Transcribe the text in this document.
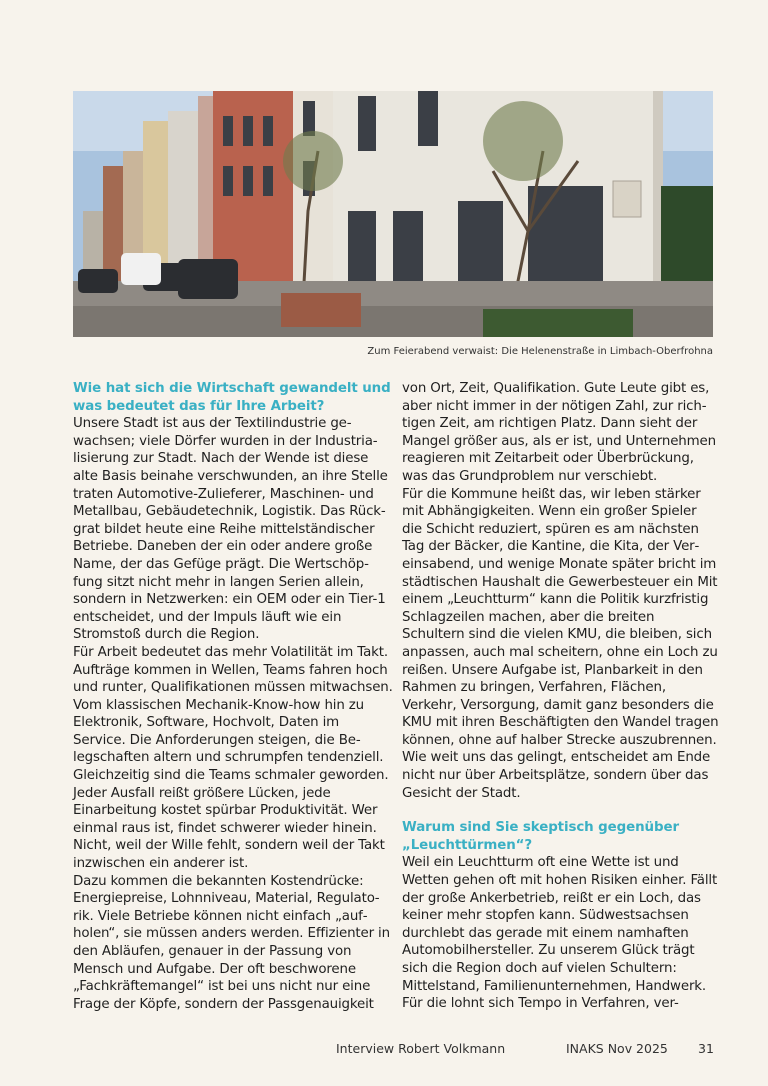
Zum Feierabend verwaist: Die Helenenstraße in Limbach-Oberfrohna

Wie hat sich die Wirtschaft gewandelt und was bedeutet das für Ihre Arbeit?

Unsere Stadt ist aus der Textilindustrie gewachsen; viele Dörfer wurden in der Industrialisierung zur Stadt. Nach der Wende ist diese alte Basis beinahe verschwunden, an ihre Stelle traten Automotive-Zulieferer, Maschinen- und Metallbau, Gebäudetechnik, Logistik. Das Rückgrat bildet heute eine Reihe mittelständischer Betriebe. Daneben der ein oder andere große Name, der das Gefüge prägt. Die Wertschöpfung sitzt nicht mehr in langen Serien allein, sondern in Netzwerken: ein OEM oder ein Tier-1 entscheidet, und der Impuls läuft wie ein Stromstoß durch die Region.

Für Arbeit bedeutet das mehr Volatilität im Takt. Aufträge kommen in Wellen, Teams fahren hoch und runter, Qualifikationen müssen mitwachsen. Vom klassischen Mechanik-Know-how hin zu Elektronik, Software, Hochvolt, Daten im Service. Die Anforderungen steigen, die Belegschaften altern und schrumpfen tendenziell. Gleichzeitig sind die Teams schmaler geworden. Jeder Ausfall reißt größere Lücken, jede Einarbeitung kostet spürbar Produktivität. Wer einmal raus ist, findet schwerer wieder hinein. Nicht, weil der Wille fehlt, sondern weil der Takt inzwischen ein anderer ist.

Dazu kommen die bekannten Kostendrücke: Energiepreise, Lohnniveau, Material, Regulatorik. Viele Betriebe können nicht einfach „aufholen“, sie müssen anders werden. Effizienter in den Abläufen, genauer in der Passung von Mensch und Aufgabe. Der oft beschworene „Fachkräftemangel“ ist bei uns nicht nur eine Frage der Köpfe, sondern der Passgenauigkeit

von Ort, Zeit, Qualifikation. Gute Leute gibt es, aber nicht immer in der nötigen Zahl, zur richtigen Zeit, am richtigen Platz. Dann sieht der Mangel größer aus, als er ist, und Unternehmen reagieren mit Zeitarbeit oder Überbrückung, was das Grundproblem nur verschiebt.

Für die Kommune heißt das, wir leben stärker mit Abhängigkeiten. Wenn ein großer Spieler die Schicht reduziert, spüren es am nächsten Tag der Bäcker, die Kantine, die Kita, der Vereinsabend, und wenige Monate später bricht im städtischen Haushalt die Gewerbesteuer ein Mit einem „Leuchtturm“ kann die Politik kurzfristig Schlagzeilen machen, aber die breiten Schultern sind die vielen KMU, die bleiben, sich anpassen, auch mal scheitern, ohne ein Loch zu reißen. Unsere Aufgabe ist, Planbarkeit in den Rahmen zu bringen, Verfahren, Flächen, Verkehr, Versorgung, damit ganz besonders die KMU mit ihren Beschäftigten den Wandel tragen können, ohne auf halber Strecke auszubrennen. Wie weit uns das gelingt, entscheidet am Ende nicht nur über Arbeitsplätze, sondern über das Gesicht der Stadt.

Warum sind Sie skeptisch gegenüber „Leuchttürmen“?

Weil ein Leuchtturm oft eine Wette ist und Wetten gehen oft mit hohen Risiken einher. Fällt der große Ankerbetrieb, reißt er ein Loch, das keiner mehr stopfen kann. Südwestsachsen durchlebt das gerade mit einem namhaften Automobilhersteller. Zu unserem Glück trägt sich die Region doch auf vielen Schultern: Mittelstand, Familienunternehmen, Handwerk. Für die lohnt sich Tempo in Verfahren, ver-

Interview Robert Volkmann	INAKS Nov 2025 31
